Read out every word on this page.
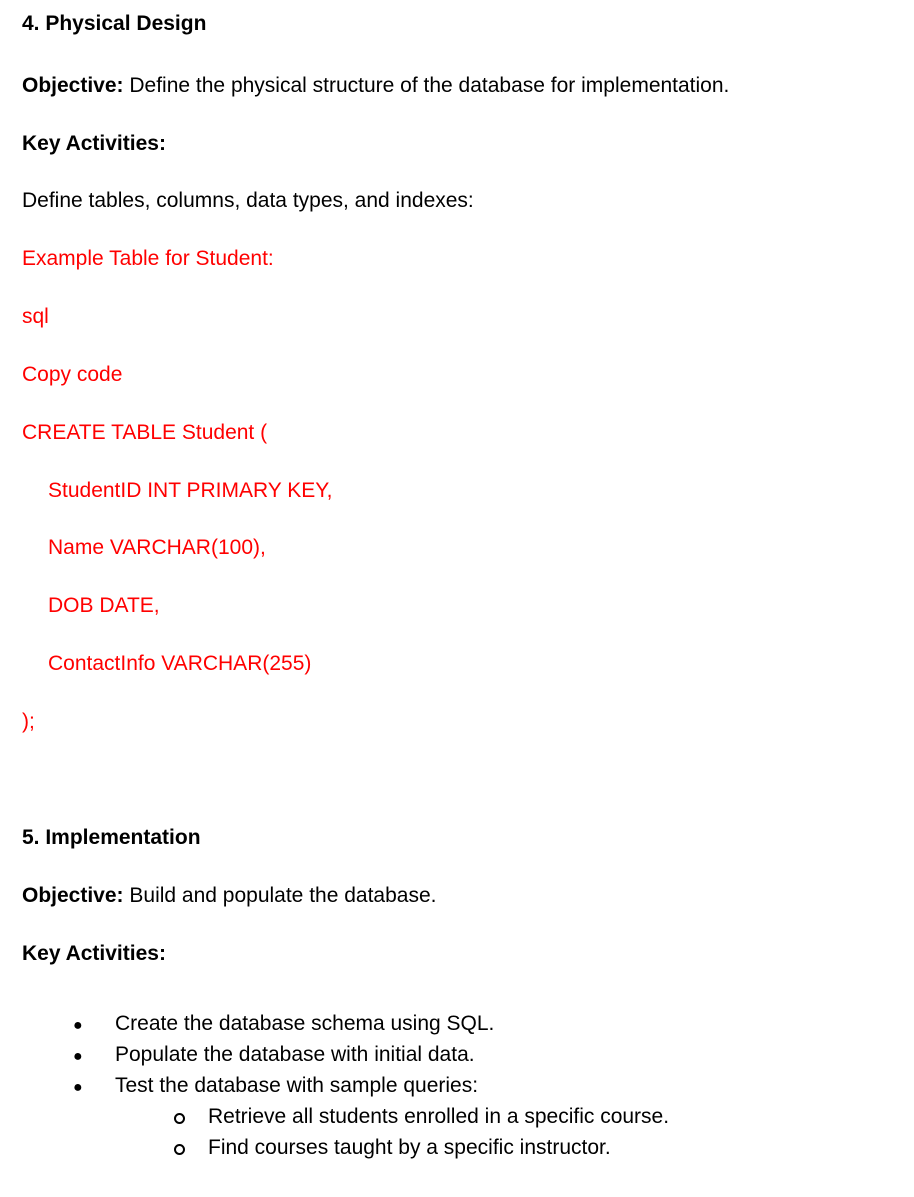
4. Physical Design
Objective: Define the physical structure of the database for implementation.
Key Activities:
Define tables, columns, data types, and indexes:
Example Table for Student:
sql
Copy code
CREATE TABLE Student (
StudentID INT PRIMARY KEY,
Name VARCHAR(100),
DOB DATE,
ContactInfo VARCHAR(255)
);
5. Implementation
Objective: Build and populate the database.
Key Activities:
● Create the database schema using SQL.
● Populate the database with initial data.
● Test the database with sample queries:
Retrieve all students enrolled in a specific course.
Find courses taught by a specific instructor.
